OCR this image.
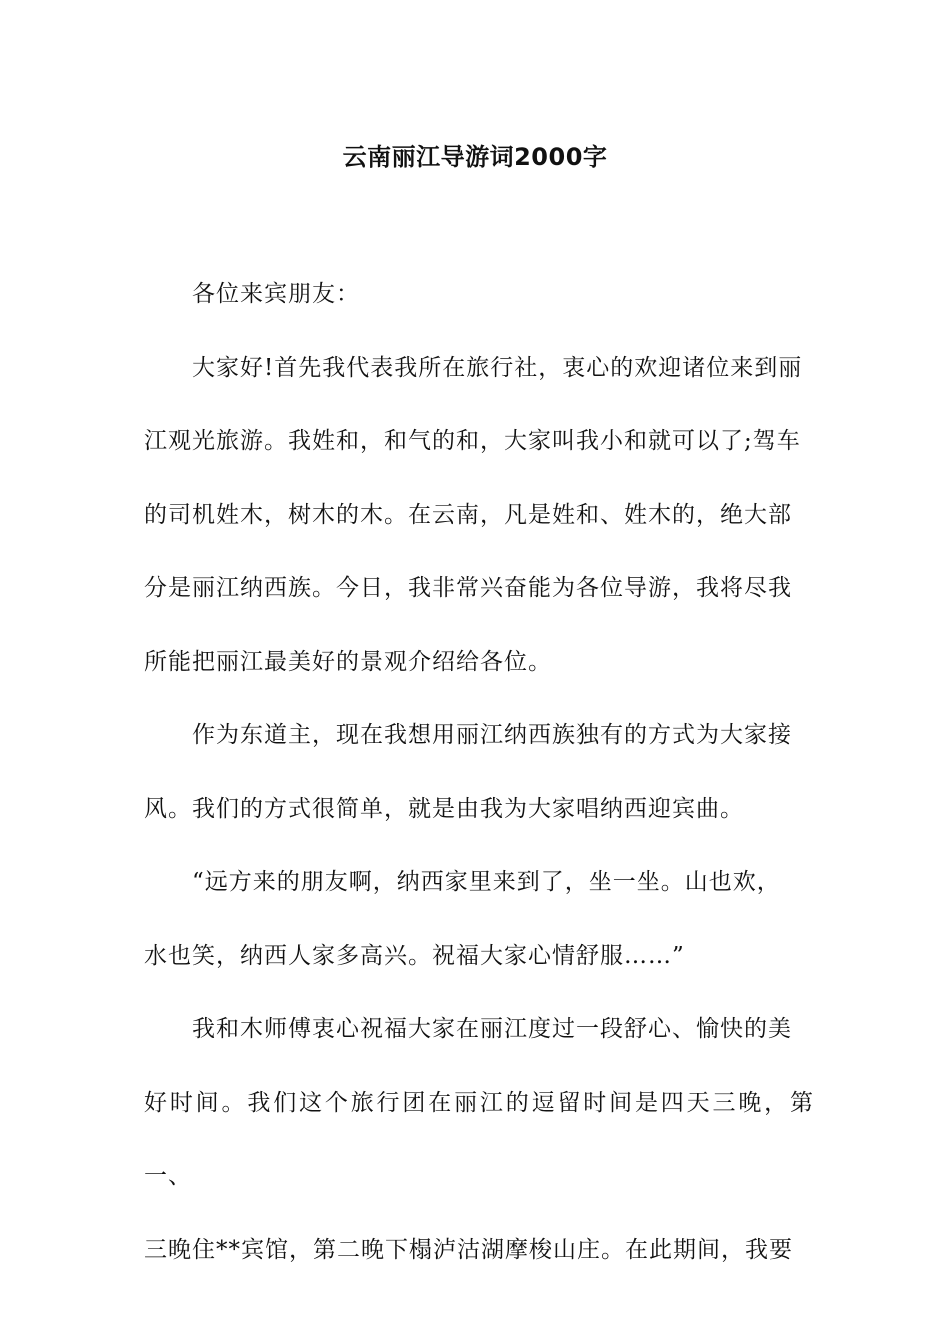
云南丽江导游词2000字

各位来宾朋友：

大家好!首先我代表我所在旅行社，衷心的欢迎诸位来到丽
江观光旅游。我姓和，和气的和，大家叫我小和就可以了;驾车
的司机姓木，树木的木。在云南，凡是姓和、姓木的，绝大部
分是丽江纳西族。今日，我非常兴奋能为各位导游，我将尽我
所能把丽江最美好的景观介绍给各位。

作为东道主，现在我想用丽江纳西族独有的方式为大家接
风。我们的方式很简单，就是由我为大家唱纳西迎宾曲。

“远方来的朋友啊，纳西家里来到了，坐一坐。山也欢，
水也笑，纳西人家多高兴。祝福大家心情舒服……”

我和木师傅衷心祝福大家在丽江度过一段舒心、愉快的美
好时间。我们这个旅行团在丽江的逗留时间是四天三晚，第一、
三晚住**宾馆，第二晚下榻泸沽湖摩梭山庄。在此期间，我要
